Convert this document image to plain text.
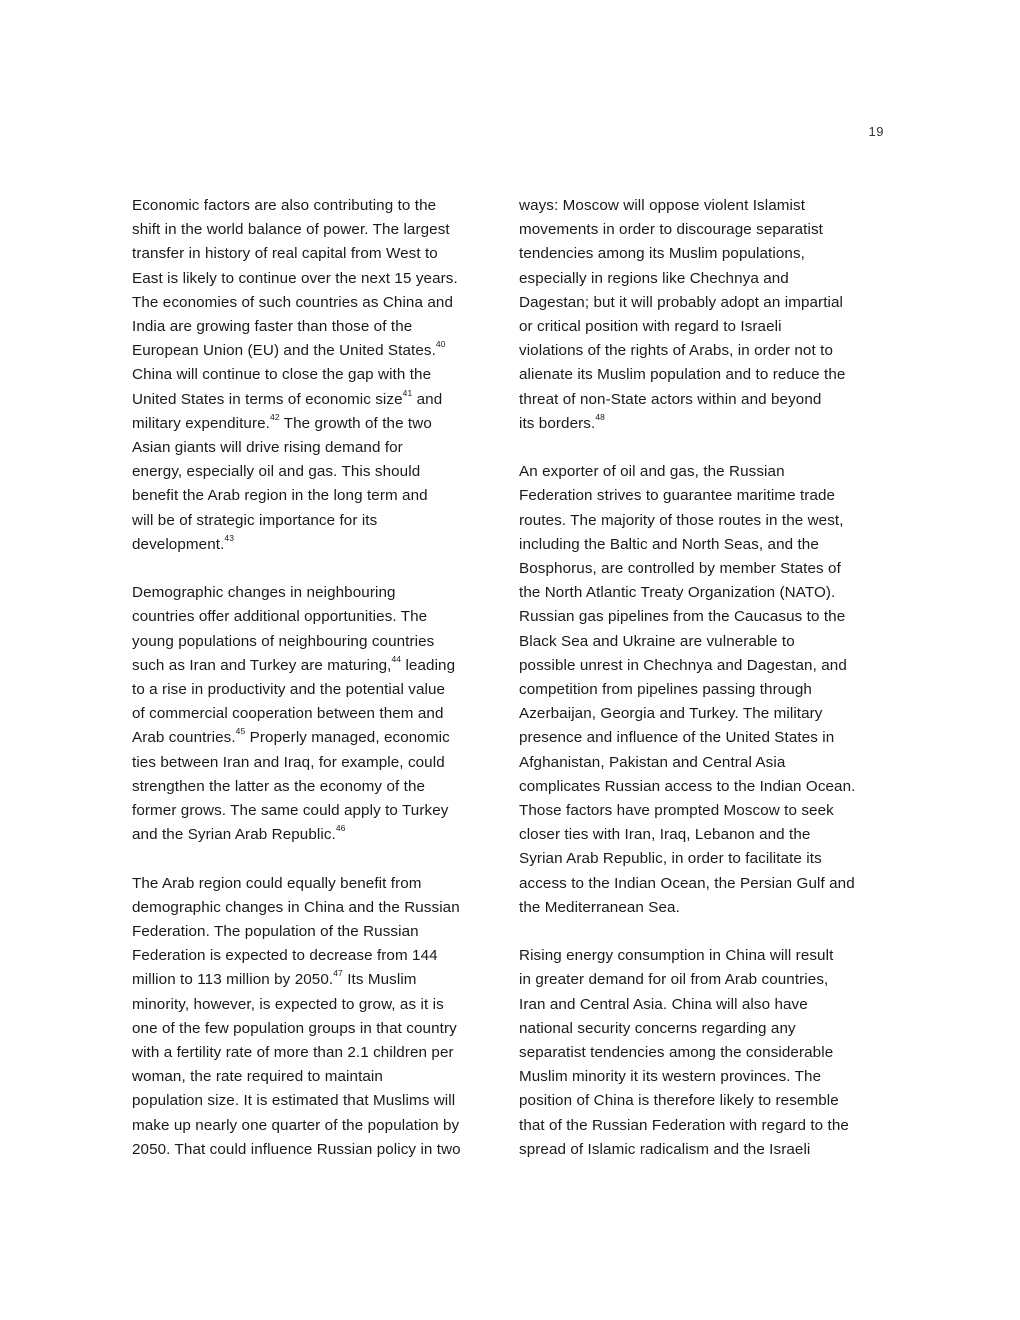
19
Economic factors are also contributing to the
shift in the world balance of power. The largest
transfer in history of real capital from West to
East is likely to continue over the next 15 years.
The economies of such countries as China and
India are growing faster than those of the
European Union (EU) and the United States.$^{40}$
China will continue to close the gap with the
United States in terms of economic size$^{41}$ and
military expenditure.$^{42}$ The growth of the two
Asian giants will drive rising demand for
energy, especially oil and gas. This should
benefit the Arab region in the long term and
will be of strategic importance for its
development.$^{43}$
Demographic changes in neighbouring
countries offer additional opportunities. The
young populations of neighbouring countries
such as Iran and Turkey are maturing,$^{44}$ leading
to a rise in productivity and the potential value
of commercial cooperation between them and
Arab countries.$^{45}$ Properly managed, economic
ties between Iran and Iraq, for example, could
strengthen the latter as the economy of the
former grows. The same could apply to Turkey
and the Syrian Arab Republic.$^{46}$
The Arab region could equally benefit from
demographic changes in China and the Russian
Federation. The population of the Russian
Federation is expected to decrease from 144
million to 113 million by 2050.47 Its Muslim
minority, however, is expected to grow, as it is
one of the few population groups in that country
with a fertility rate of more than 2.1 children per
woman, the rate required to maintain
population size. It is estimated that Muslims will
make up nearly one quarter of the population by
2050. That could influence Russian policy in two
ways: Moscow will oppose violent Islamist
movements in order to discourage separatist
tendencies among its Muslim populations,
especially in regions like Chechnya and
Dagestan; but it will probably adopt an impartial
or critical position with regard to Israeli
violations of the rights of Arabs, in order not to
alienate its Muslim population and to reduce the
threat of non-State actors within and beyond
its borders.$^{48}$
An exporter of oil and gas, the Russian
Federation strives to guarantee maritime trade
routes. The majority of those routes in the west,
including the Baltic and North Seas, and the
Bosphorus, are controlled by member States of
the North Atlantic Treaty Organization (NATO).
Russian gas pipelines from the Caucasus to the
Black Sea and Ukraine are vulnerable to
possible unrest in Chechnya and Dagestan, and
competition from pipelines passing through
Azerbaijan, Georgia and Turkey. The military
presence and influence of the United States in
Afghanistan, Pakistan and Central Asia
complicates Russian access to the Indian Ocean.
Those factors have prompted Moscow to seek
closer ties with Iran, Iraq, Lebanon and the
Syrian Arab Republic, in order to facilitate its
access to the Indian Ocean, the Persian Gulf and
the Mediterranean Sea.
Rising energy consumption in China will result
in greater demand for oil from Arab countries,
Iran and Central Asia. China will also have
national security concerns regarding any
separatist tendencies among the considerable
Muslim minority it its western provinces. The
position of China is therefore likely to resemble
that of the Russian Federation with regard to the
spread of Islamic radicalism and the Israeli
